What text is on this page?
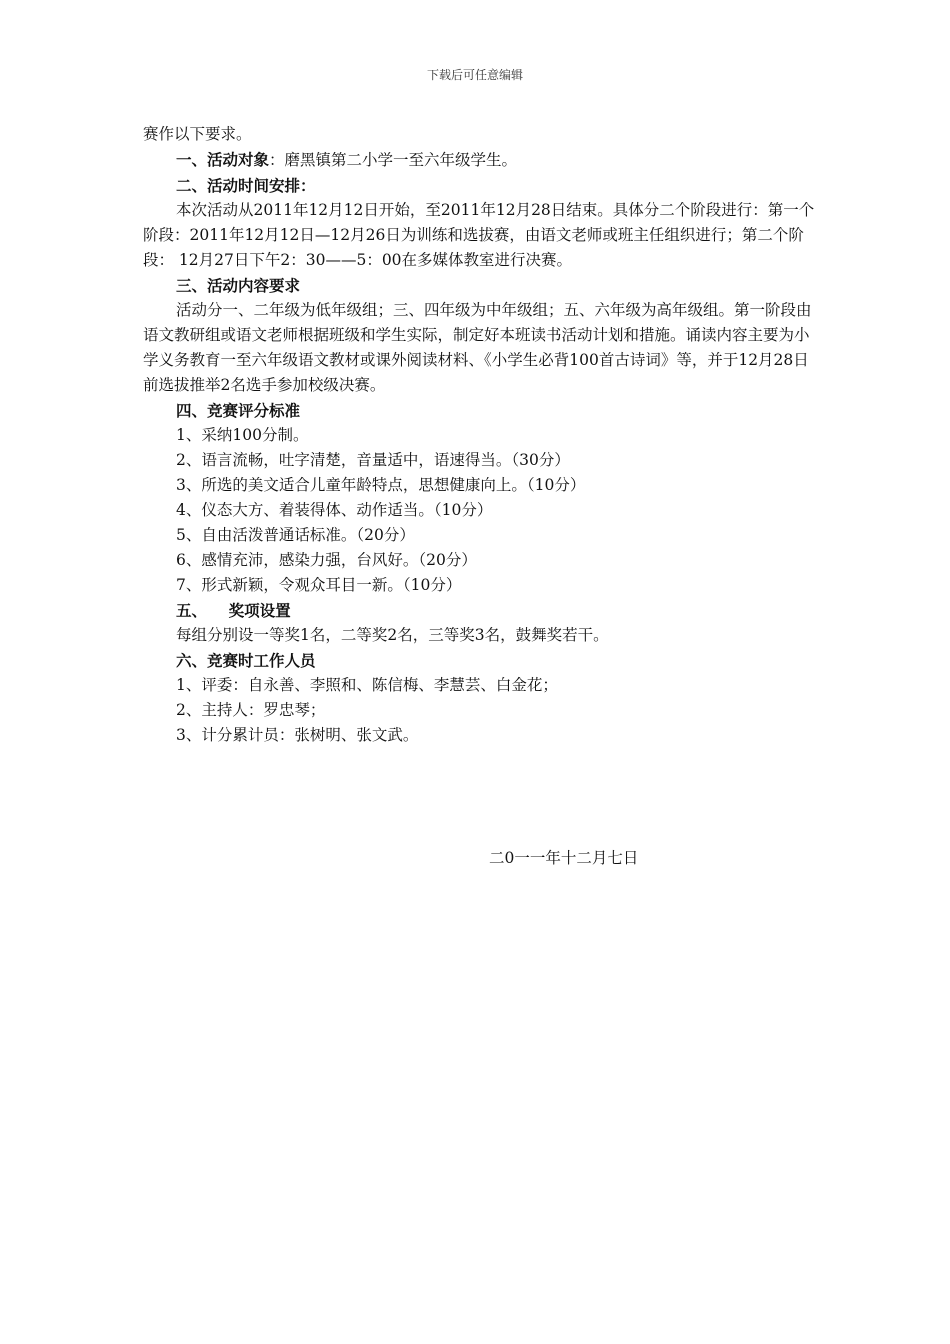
下载后可任意编辑

赛作以下要求。

一、活动对象：磨黑镇第二小学一至六年级学生。

二、活动时间安排：

本次活动从2011年12月12日开始，至2011年12月28日结束。具体分二个阶段进行：第一个阶段：2011年12月12日—12月26日为训练和选拔赛，由语文老师或班主任组织进行；第二个阶段： 12月27日下午2：30——5：00在多媒体教室进行决赛。

三、活动内容要求

活动分一、二年级为低年级组；三、四年级为中年级组；五、六年级为高年级组。第一阶段由语文教研组或语文老师根据班级和学生实际，制定好本班读书活动计划和措施。诵读内容主要为小学义务教育一至六年级语文教材或课外阅读材料、《小学生必背100首古诗词》等，并于12月28日前选拔推举2名选手参加校级决赛。

四、竞赛评分标准

1、采纳100分制。

2、语言流畅，吐字清楚，音量适中，语速得当。（30分）

3、所选的美文适合儿童年龄特点，思想健康向上。（10分）

4、仪态大方、着装得体、动作适当。（10分）

5、自由活泼普通话标准。（20分）

6、感情充沛，感染力强，台风好。（20分）

7、形式新颖，令观众耳目一新。（10分）

五、    奖项设置

每组分别设一等奖1名，二等奖2名，三等奖3名，鼓舞奖若干。

六、竞赛时工作人员

1、评委：自永善、李照和、陈信梅、李慧芸、白金花；

2、主持人：罗忠琴；

3、计分累计员：张树明、张文武。

二0一一年十二月七日
